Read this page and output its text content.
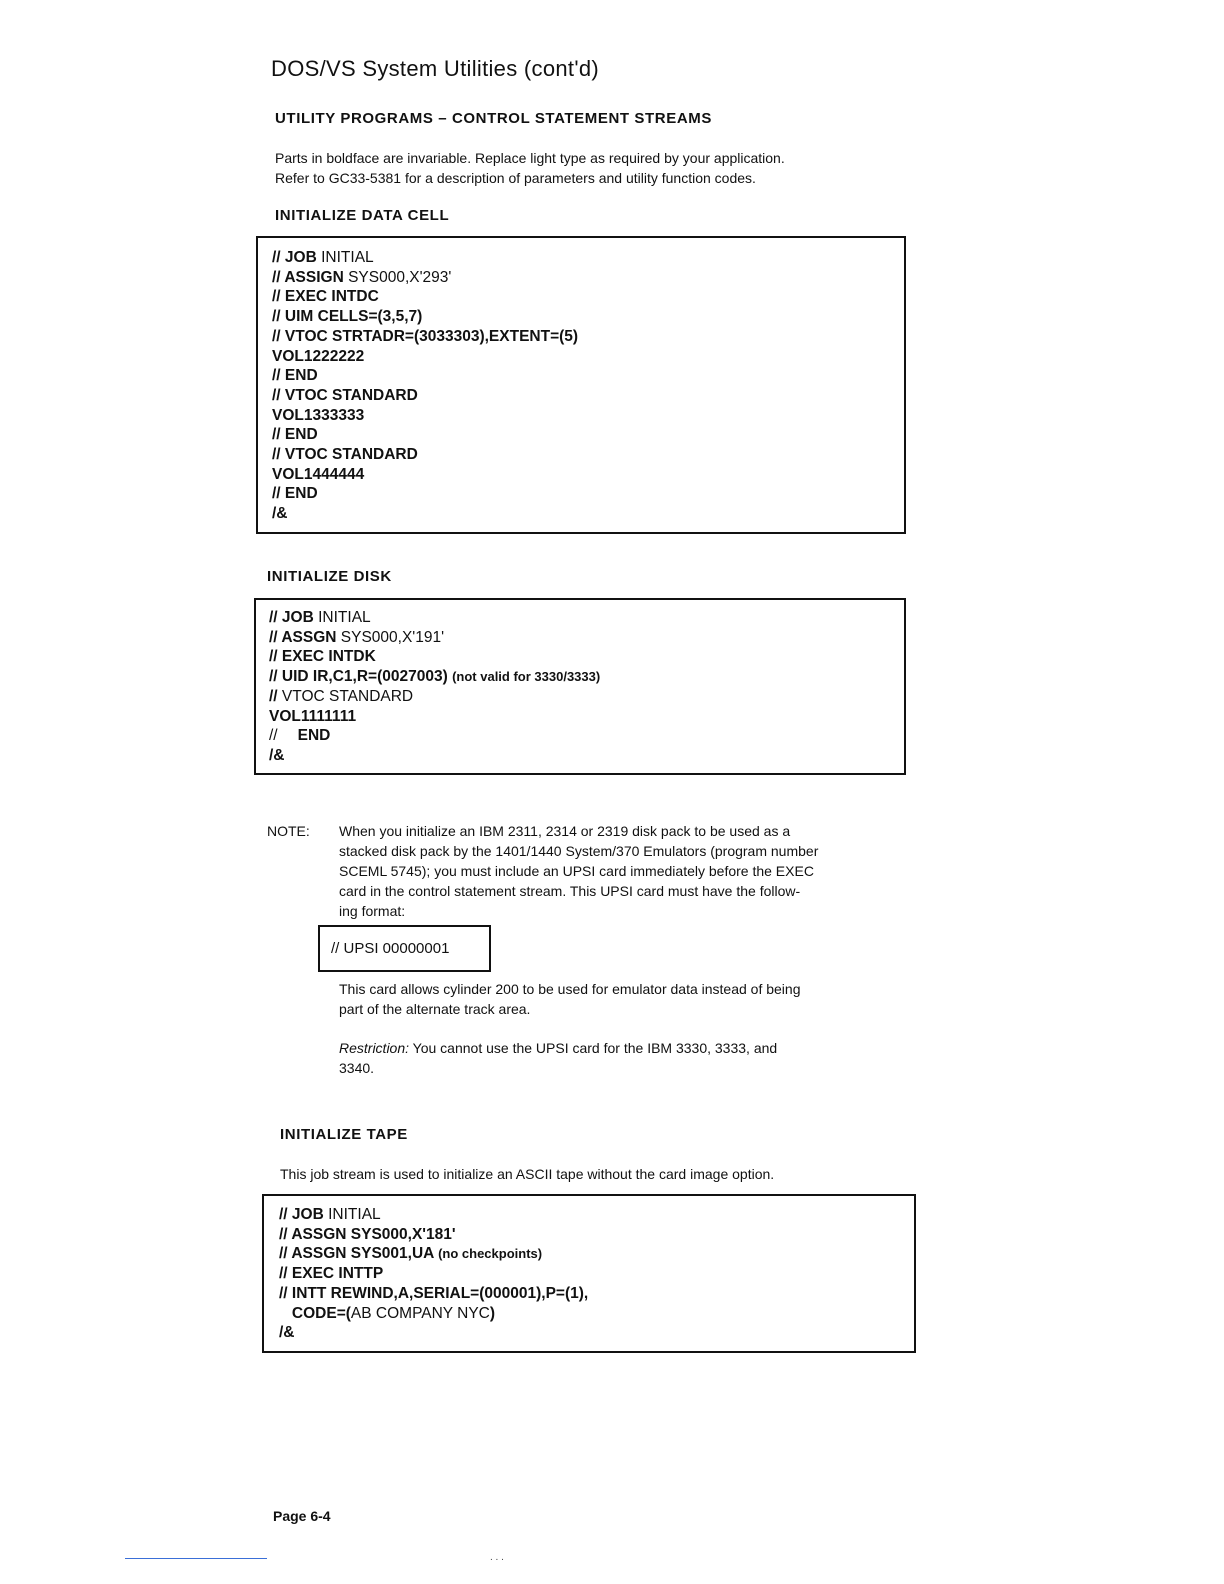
DOS/VS System Utilities (cont'd)
UTILITY PROGRAMS – CONTROL STATEMENT STREAMS
Parts in boldface are invariable. Replace light type as required by your application.
Refer to GC33-5381 for a description of parameters and utility function codes.
INITIALIZE DATA CELL
// JOB INITIAL
// ASSIGN SYS000,X'293'
// EXEC INTDC
// UIM CELLS=(3,5,7)
// VTOC STRTADR=(3033303),EXTENT=(5)
VOL1222222
// END
// VTOC STANDARD
VOL1333333
// END
// VTOC STANDARD
VOL1444444
// END
/&
INITIALIZE DISK
// JOB INITIAL
// ASSGN SYS000,X'191'
// EXEC INTDK
// UID IR,C1,R=(0027003) (not valid for 3330/3333)
// VTOC STANDARD
VOL1111111
// END
/&
NOTE: When you initialize an IBM 2311, 2314 or 2319 disk pack to be used as a
stacked disk pack by the 1401/1440 System/370 Emulators (program number
SCEML 5745); you must include an UPSI card immediately before the EXEC
card in the control statement stream. This UPSI card must have the follow-
ing format:
// UPSI 00000001
This card allows cylinder 200 to be used for emulator data instead of being
part of the alternate track area.
Restriction: You cannot use the UPSI card for the IBM 3330, 3333, and
3340.
INITIALIZE TAPE
This job stream is used to initialize an ASCII tape without the card image option.
// JOB INITIAL
// ASSGN SYS000,X'181'
// ASSGN SYS001,UA (no checkpoints)
// EXEC INTTP
// INTT REWIND,A,SERIAL=(000001),P=(1),
CODE=(AB COMPANY NYC)
/&
Page 6-4
. . .
